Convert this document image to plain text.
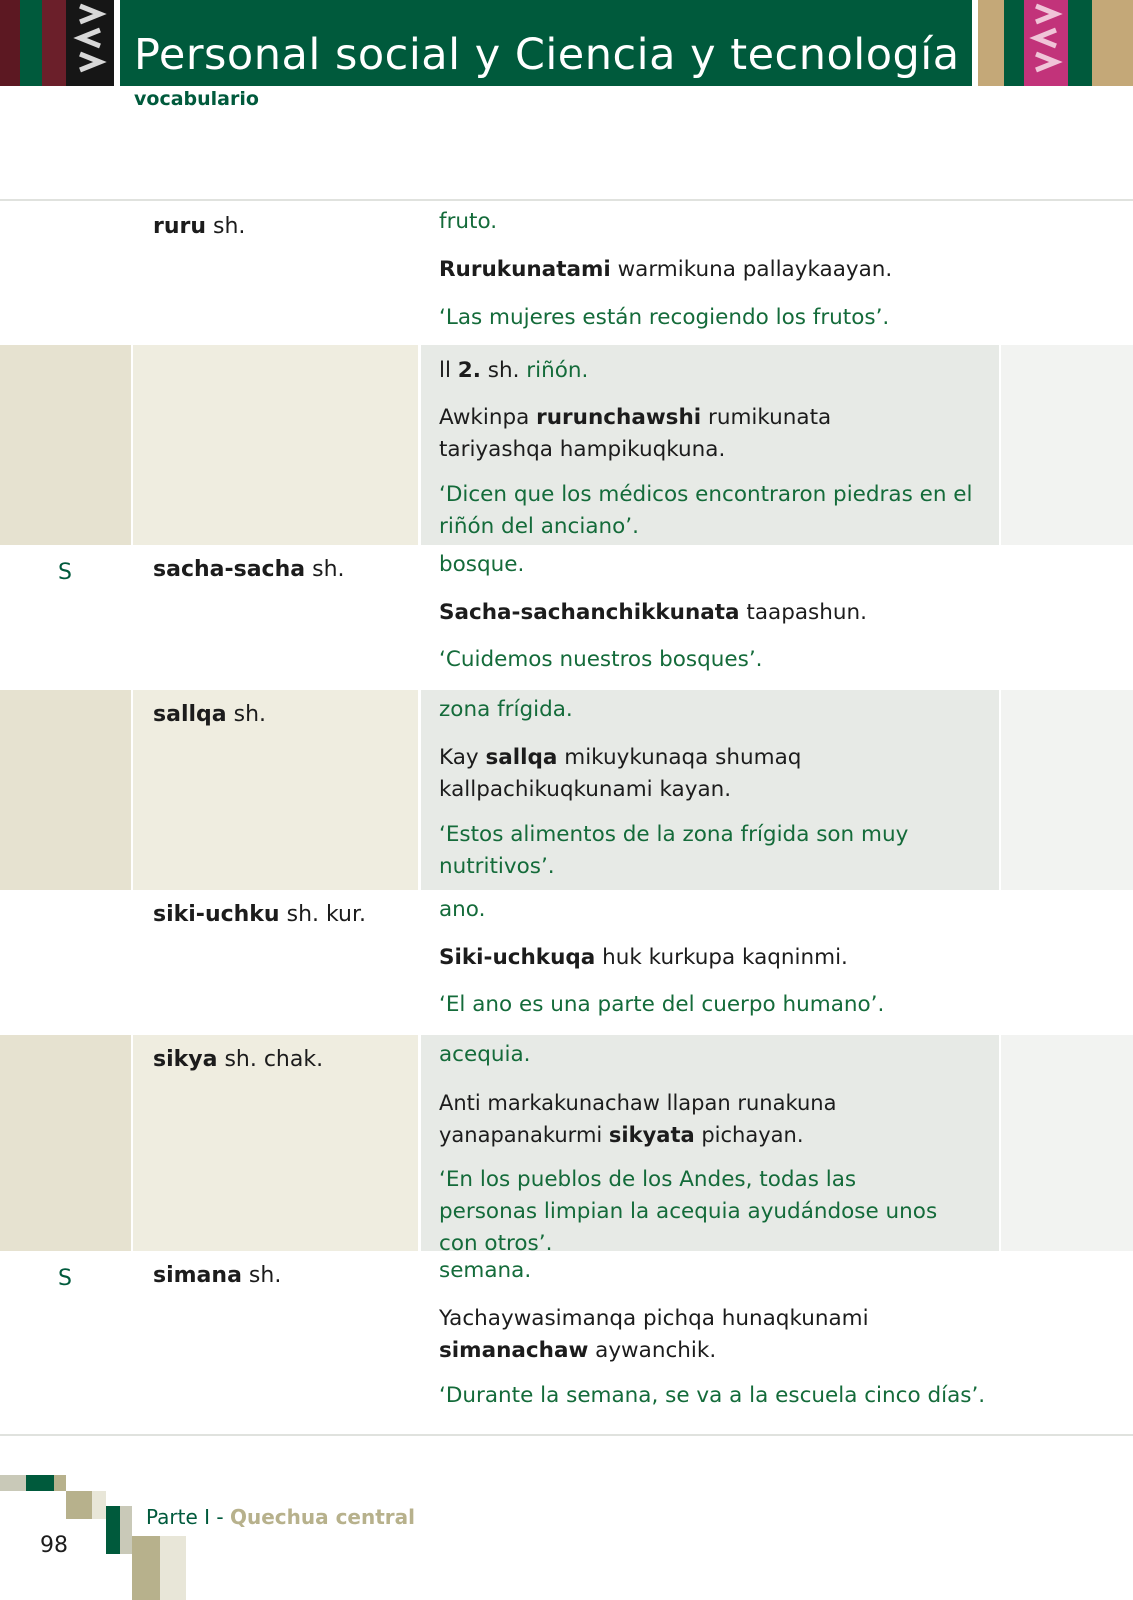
Personal social y Ciencia y tecnología
vocabulario
ruru sh.	fruto.
Rurukunatami warmikuna pallaykaayan.
‘Las mujeres están recogiendo los frutos’.
ll 2. sh. riñón.
Awkinpa rurunchawshi rumikunata tariyashqa hampikuqkuna.
‘Dicen que los médicos encontraron piedras en el riñón del anciano’.
S	sacha-sacha sh.	bosque.
Sacha-sachanchikkunata taapashun.
‘Cuidemos nuestros bosques’.
sallqa sh.	zona frígida.
Kay sallqa mikuykunaqa shumaq kallpachikuqkunami kayan.
‘Estos alimentos de la zona frígida son muy nutritivos’.
siki-uchku sh. kur.	ano.
Siki-uchkuqa huk kurkupa kaqninmi.
‘El ano es una parte del cuerpo humano’.
sikya sh. chak.	acequia.
Anti markakunachaw llapan runakuna yanapanakurmi sikyata pichayan.
‘En los pueblos de los Andes, todas las personas limpian la acequia ayudándose unos con otros’.
S	simana sh.	semana.
Yachaywasimanqa pichqa hunaqkunami simanachaw aywanchik.
‘Durante la semana, se va a la escuela cinco días’.
Parte I - Quechua central
98
